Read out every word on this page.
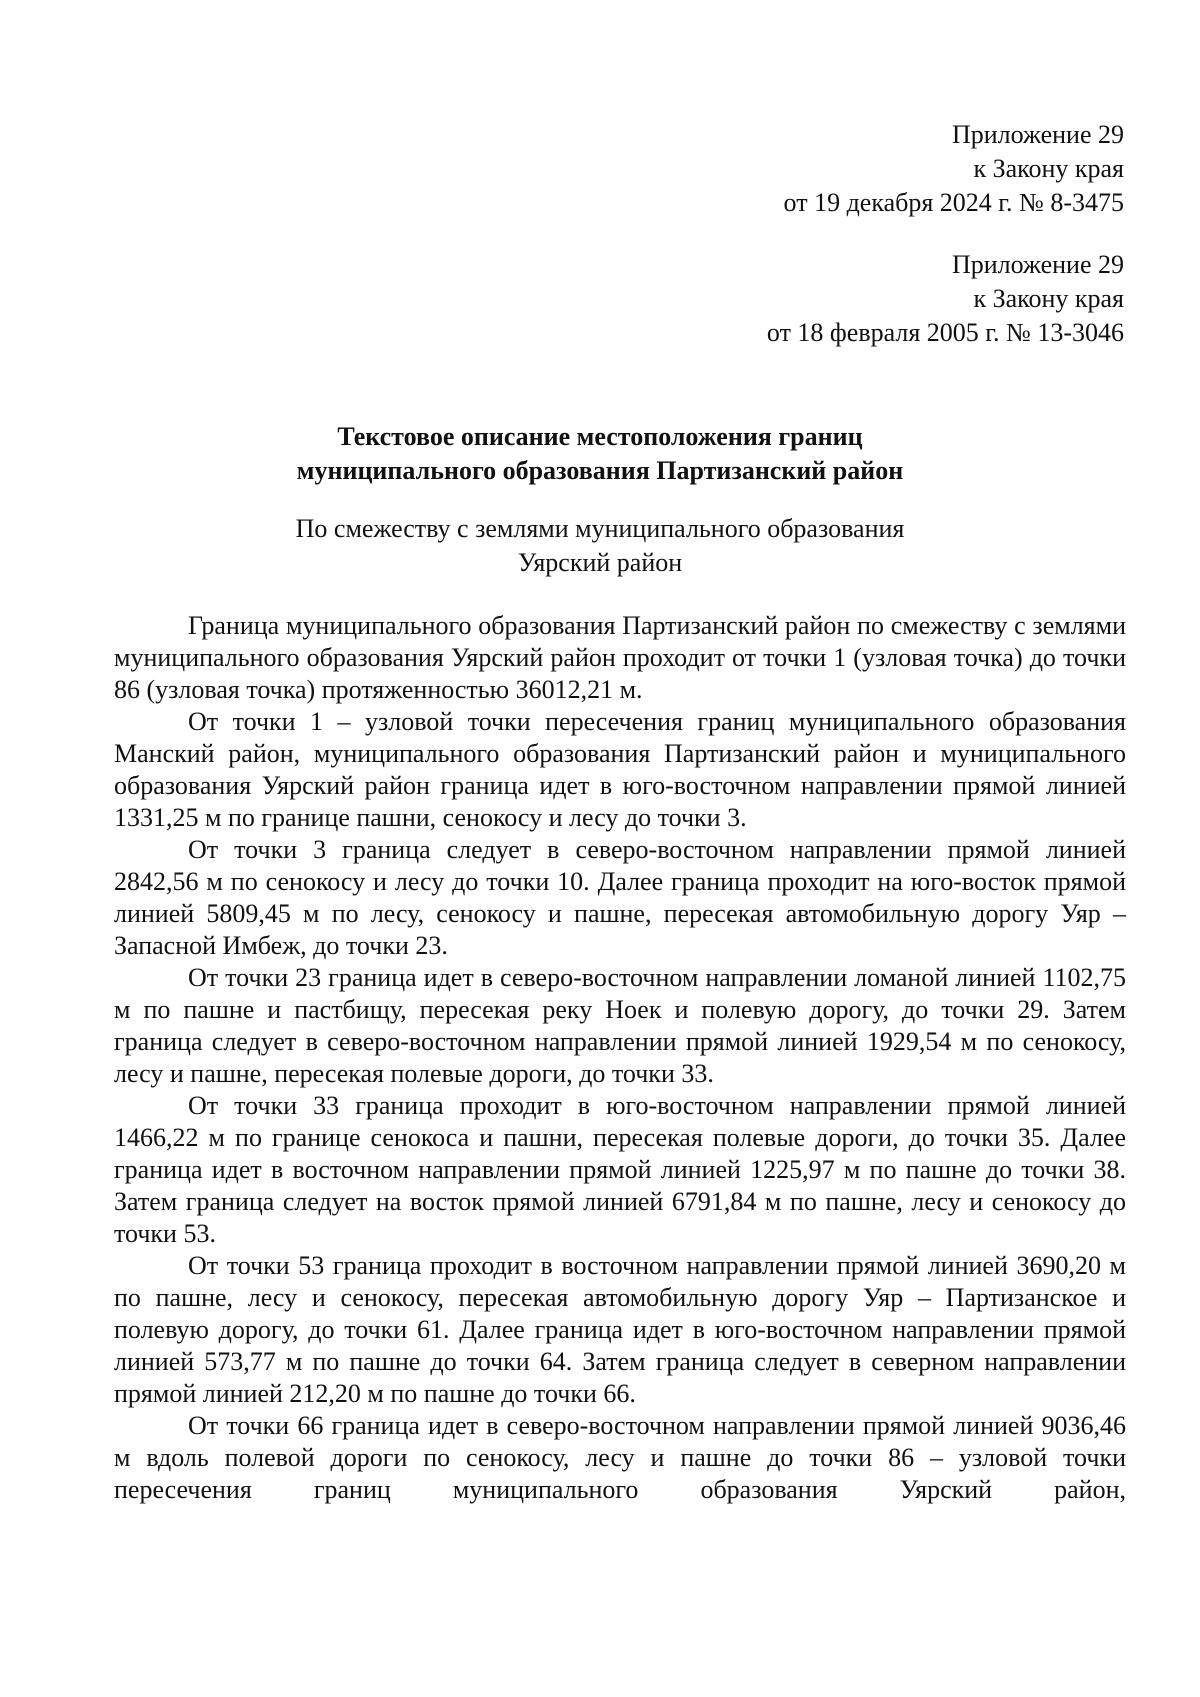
Приложение 29
к Закону края
от 19 декабря 2024 г. № 8-3475
Приложение 29
к Закону края
от 18 февраля 2005 г. № 13-3046
Текстовое описание местоположения границ
муниципального образования Партизанский район
По смежеству с землями муниципального образования
Уярский район

Граница муниципального образования Партизанский район по смежеству с землями муниципального образования Уярский район проходит от точки 1 (узловая точка) до точки 86 (узловая точка) протяженностью 36012,21 м.

От точки 1 – узловой точки пересечения границ муниципального образования Манский район, муниципального образования Партизанский район и муниципального образования Уярский район граница идет в юго-восточном направлении прямой линией 1331,25 м по границе пашни, сенокосу и лесу до точки 3.

От точки 3 граница следует в северо-восточном направлении прямой линией 2842,56 м по сенокосу и лесу до точки 10. Далее граница проходит на юго-восток прямой линией 5809,45 м по лесу, сенокосу и пашне, пересекая автомобильную дорогу Уяр – Запасной Имбеж, до точки 23.

От точки 23 граница идет в северо-восточном направлении ломаной линией 1102,75 м по пашне и пастбищу, пересекая реку Ноек и полевую дорогу, до точки 29. Затем граница следует в северо-восточном направлении прямой линией 1929,54 м по сенокосу, лесу и пашне, пересекая полевые дороги, до точки 33.

От точки 33 граница проходит в юго-восточном направлении прямой линией 1466,22 м по границе сенокоса и пашни, пересекая полевые дороги, до точки 35. Далее граница идет в восточном направлении прямой линией 1225,97 м по пашне до точки 38. Затем граница следует на восток прямой линией 6791,84 м по пашне, лесу и сенокосу до точки 53.

От точки 53 граница проходит в восточном направлении прямой линией 3690,20 м по пашне, лесу и сенокосу, пересекая автомобильную дорогу Уяр – Партизанское и полевую дорогу, до точки 61. Далее граница идет в юго-восточном направлении прямой линией 573,77 м по пашне до точки 64. Затем граница следует в северном направлении прямой линией 212,20 м по пашне до точки 66.

От точки 66 граница идет в северо-восточном направлении прямой линией 9036,46 м вдоль полевой дороги по сенокосу, лесу и пашне до точки 86 – узловой точки пересечения границ муниципального образования Уярский район,
